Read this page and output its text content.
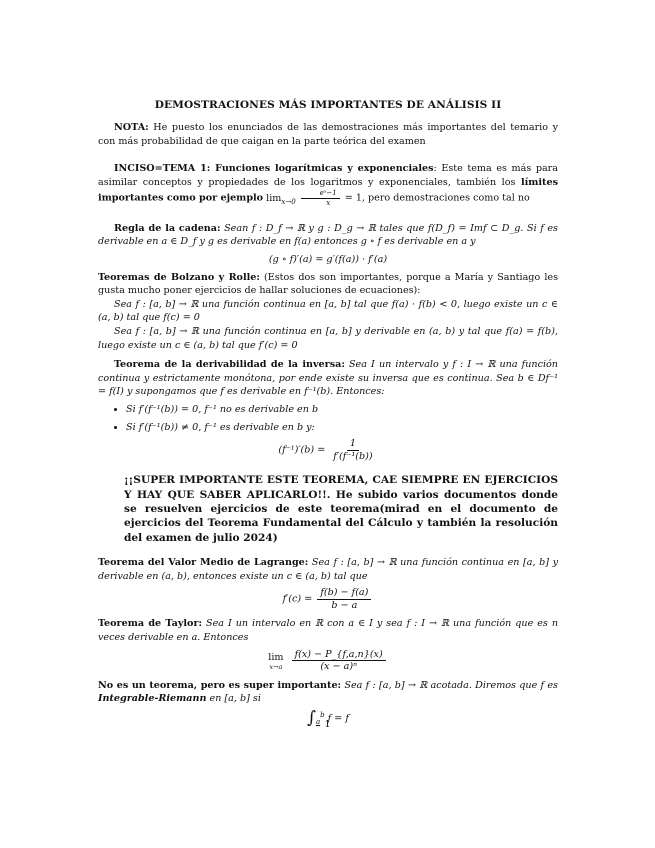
DEMOSTRACIONES MÁS IMPORTANTES DE ANÁLISIS II

NOTA: He puesto los enunciados de las demostraciones más importantes del temario y con más probabilidad de que caigan en la parte teórica del examen

INCISO=TEMA 1: Funciones logarítmicas y exponenciales: Este tema es más para asimilar conceptos y propiedades de los logaritmos y exponenciales, también los límites importantes como por ejemplo $\lim_{x\to 0} \frac{\text{eˣ−1}}{x} = 1$, pero demostraciones como tal no

Regla de la cadena: Sean f : D_f → ℝ y g : D_g → ℝ tales que f(D_f) = Imf ⊂ D_g. Si f es derivable en a ∈ D_f y g es derivable en f(a) entonces g ∘ f es derivable en a y

(g ∘ f)′(a) = g′(f(a)) · f′(a)

Teoremas de Bolzano y Rolle: (Estos dos son importantes, porque a María y Santiago les gusta mucho poner ejercicios de hallar soluciones de ecuaciones):

Sea f : [a, b] → ℝ una función continua en [a, b] tal que f(a) · f(b) < 0, luego existe un c ∈ (a, b) tal que f(c) = 0

Sea f : [a, b] → ℝ una función continua en [a, b] y derivable en (a, b) y tal que f(a) = f(b), luego existe un c ∈ (a, b) tal que f′(c) = 0

Teorema de la derivabilidad de la inversa: Sea I un intervalo y f : I → ℝ una función continua y estrictamente monótona, por ende existe su inversa que es continua. Sea b ∈ Df⁻¹ = f(I) y supongamos que f es derivable en f⁻¹(b). Entonces:

• Si f′(f⁻¹(b)) = 0, f⁻¹ no es derivable en b
• Si f′(f⁻¹(b)) ≠ 0, f⁻¹ es derivable en b y:
$(f^{-1})'(b) = \frac{1}{\text{f′(f⁻¹(b))}}$

¡¡SUPER IMPORTANTE ESTE TEOREMA, CAE SIEMPRE EN EJERCICIOS Y HAY QUE SABER APLICARLO!!. He subido varios documentos donde se resuelven ejercicios de este teorema(mirad en el documento de ejercicios del Teorema Fundamental del Cálculo y también la resolución del examen de julio 2024)

Teorema del Valor Medio de Lagrange: Sea f : [a, b] → ℝ una función continua en [a, b] y derivable en (a, b), entonces existe un c ∈ (a, b) tal que

$f'(c) = \frac{f(b) - f(a)}{b - a}$

Teorema de Taylor: Sea I un intervalo en ℝ con a ∈ I y sea f : I → ℝ una función que es n veces derivable en a. Entonces

lim
x→a
$\frac{f(x) - P\_\{f,a,n\}(x)}{\text{(x − a)ⁿ}}$

No es un teorema, pero es super importante: Sea f : [a, b] → ℝ acotada. Diremos que f es Integrable-Riemann en [a, b] si

$\int_a^b$ f = f
1
